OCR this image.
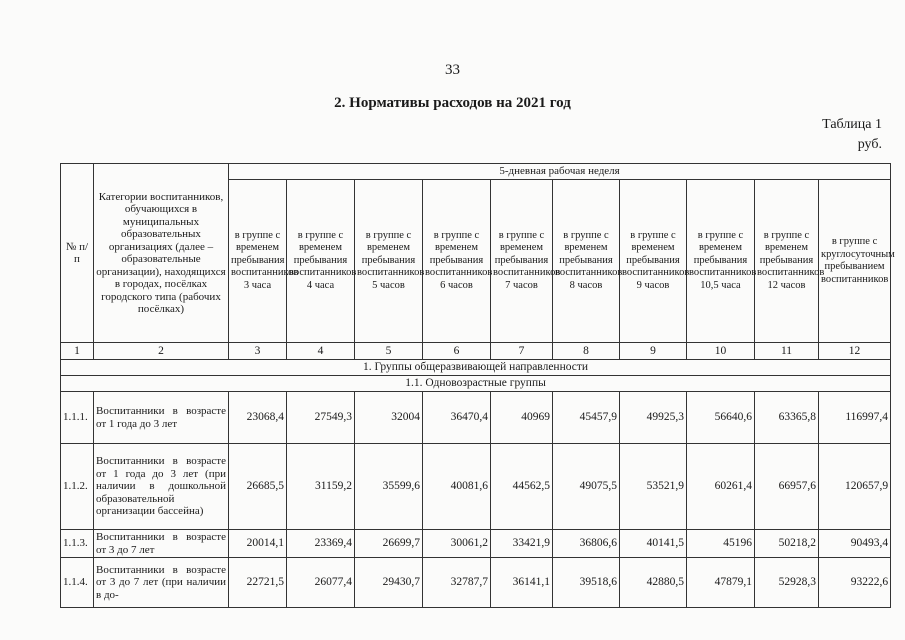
33
2. Нормативы расходов на 2021 год
Таблица 1
руб.
№ п/п	Категории воспитанников, обучающихся в муниципальных образовательных организациях (далее – образовательные организации), находящихся в городах, посёлках городского типа (рабочих посёлках)	5-дневная рабочая неделя									
		в группе с временем пребывания воспитанников 3 часа	в группе с временем пребывания воспитанников 4 часа	в группе с временем пребывания воспитанников 5 часов	в группе с временем пребывания воспитанников 6 часов	в группе с временем пребывания воспитанников 7 часов	в группе с временем пребывания воспитанников 8 часов	в группе с временем пребывания воспитанников 9 часов	в группе с временем пребывания воспитанников 10,5 часа	в группе с временем пребывания воспитанников 12 часов	в группе с круглосуточным пребыванием воспитанников
1	2	3	4	5	6	7	8	9	10	11	12
1. Группы общеразвивающей направленности											
1.1. Одновозрастные группы											
1.1.1.	Воспитанники в возрасте от 1 года до 3 лет	23068,4	27549,3	32004	36470,4	40969	45457,9	49925,3	56640,6	63365,8	116997,4
1.1.2.	Воспитанники в возрасте от 1 года до 3 лет (при наличии в дошкольной образовательной организации бассейна)	26685,5	31159,2	35599,6	40081,6	44562,5	49075,5	53521,9	60261,4	66957,6	120657,9
1.1.3.	Воспитанники в возрасте от 3 до 7 лет	20014,1	23369,4	26699,7	30061,2	33421,9	36806,6	40141,5	45196	50218,2	90493,4
1.1.4.	Воспитанники в возрасте от 3 до 7 лет (при наличии в до-	22721,5	26077,4	29430,7	32787,7	36141,1	39518,6	42880,5	47879,1	52928,3	93222,6
